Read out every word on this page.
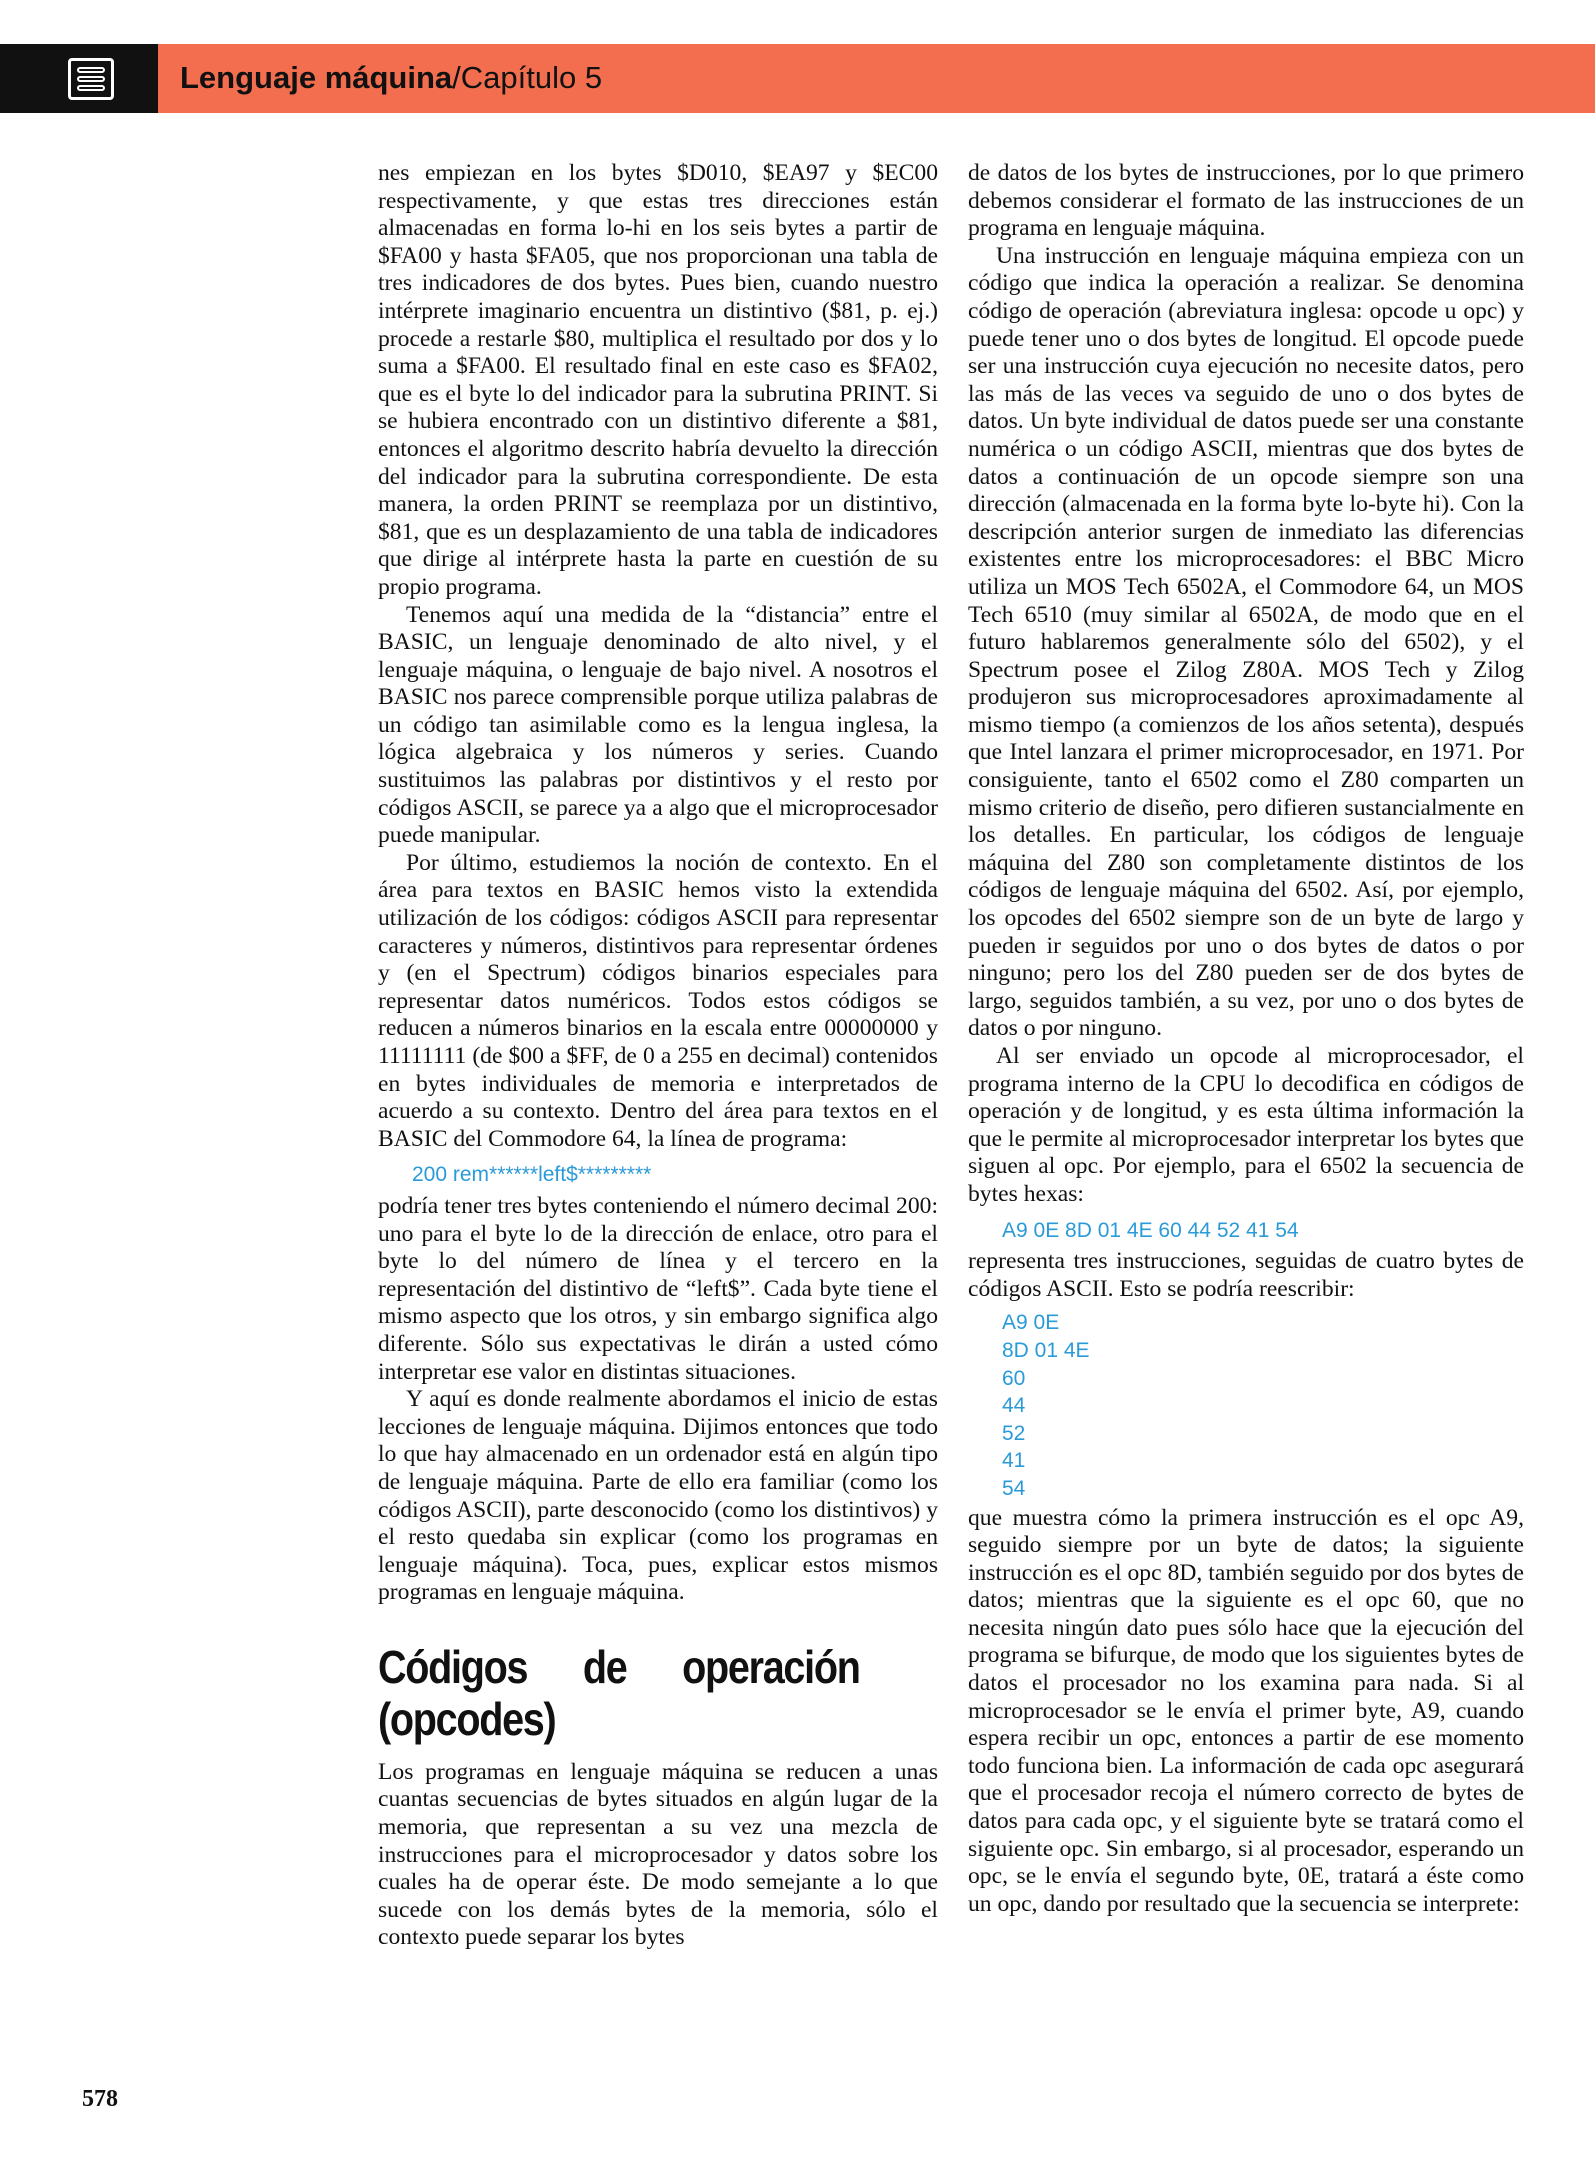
Lenguaje máquina/Capítulo 5

nes empiezan en los bytes $D010, $EA97 y $EC00 respectivamente, y que estas tres direcciones están almacenadas en forma lo-hi en los seis bytes a partir de $FA00 y hasta $FA05, que nos proporcionan una tabla de tres indicadores de dos bytes. Pues bien, cuando nuestro intérprete imaginario encuentra un distintivo ($81, p. ej.) procede a restarle $80, multiplica el resultado por dos y lo suma a $FA00. El resultado final en este caso es $FA02, que es el byte lo del indicador para la subrutina PRINT. Si se hubiera encontrado con un distintivo diferente a $81, entonces el algoritmo descrito habría devuelto la dirección del indicador para la subrutina correspondiente. De esta manera, la orden PRINT se reemplaza por un distintivo, $81, que es un desplazamiento de una tabla de indicadores que dirige al intérprete hasta la parte en cuestión de su propio programa.

Tenemos aquí una medida de la “distancia” entre el BASIC, un lenguaje denominado de alto nivel, y el lenguaje máquina, o lenguaje de bajo nivel. A nosotros el BASIC nos parece comprensible porque utiliza palabras de un código tan asimilable como es la lengua inglesa, la lógica algebraica y los números y series. Cuando sustituimos las palabras por distintivos y el resto por códigos ASCII, se parece ya a algo que el microprocesador puede manipular.

Por último, estudiemos la noción de contexto. En el área para textos en BASIC hemos visto la extendida utilización de los códigos: códigos ASCII para representar caracteres y números, distintivos para representar órdenes y (en el Spectrum) códigos binarios especiales para representar datos numéricos. Todos estos códigos se reducen a números binarios en la escala entre 00000000 y 11111111 (de $00 a $FF, de 0 a 255 en decimal) contenidos en bytes individuales de memoria e interpretados de acuerdo a su contexto. Dentro del área para textos en el BASIC del Commodore 64, la línea de programa:

200 rem******left$*********

podría tener tres bytes conteniendo el número decimal 200: uno para el byte lo de la dirección de enlace, otro para el byte lo del número de línea y el tercero en la representación del distintivo de “left$”. Cada byte tiene el mismo aspecto que los otros, y sin embargo significa algo diferente. Sólo sus expectativas le dirán a usted cómo interpretar ese valor en distintas situaciones.

Y aquí es donde realmente abordamos el inicio de estas lecciones de lenguaje máquina. Dijimos entonces que todo lo que hay almacenado en un ordenador está en algún tipo de lenguaje máquina. Parte de ello era familiar (como los códigos ASCII), parte desconocido (como los distintivos) y el resto quedaba sin explicar (como los programas en lenguaje máquina). Toca, pues, explicar estos mismos programas en lenguaje máquina.

Códigos de operación (opcodes)

Los programas en lenguaje máquina se reducen a unas cuantas secuencias de bytes situados en algún lugar de la memoria, que representan a su vez una mezcla de instrucciones para el microprocesador y datos sobre los cuales ha de operar éste. De modo semejante a lo que sucede con los demás bytes de la memoria, sólo el contexto puede separar los bytes

de datos de los bytes de instrucciones, por lo que primero debemos considerar el formato de las instrucciones de un programa en lenguaje máquina.

Una instrucción en lenguaje máquina empieza con un código que indica la operación a realizar. Se denomina código de operación (abreviatura inglesa: opcode u opc) y puede tener uno o dos bytes de longitud. El opcode puede ser una instrucción cuya ejecución no necesite datos, pero las más de las veces va seguido de uno o dos bytes de datos. Un byte individual de datos puede ser una constante numérica o un código ASCII, mientras que dos bytes de datos a continuación de un opcode siempre son una dirección (almacenada en la forma byte lo-byte hi). Con la descripción anterior surgen de inmediato las diferencias existentes entre los microprocesadores: el BBC Micro utiliza un MOS Tech 6502A, el Commodore 64, un MOS Tech 6510 (muy similar al 6502A, de modo que en el futuro hablaremos generalmente sólo del 6502), y el Spectrum posee el Zilog Z80A. MOS Tech y Zilog produjeron sus microprocesadores aproximadamente al mismo tiempo (a comienzos de los años setenta), después que Intel lanzara el primer microprocesador, en 1971. Por consiguiente, tanto el 6502 como el Z80 comparten un mismo criterio de diseño, pero difieren sustancialmente en los detalles. En particular, los códigos de lenguaje máquina del Z80 son completamente distintos de los códigos de lenguaje máquina del 6502. Así, por ejemplo, los opcodes del 6502 siempre son de un byte de largo y pueden ir seguidos por uno o dos bytes de datos o por ninguno; pero los del Z80 pueden ser de dos bytes de largo, seguidos también, a su vez, por uno o dos bytes de datos o por ninguno.

Al ser enviado un opcode al microprocesador, el programa interno de la CPU lo decodifica en códigos de operación y de longitud, y es esta última información la que le permite al microprocesador interpretar los bytes que siguen al opc. Por ejemplo, para el 6502 la secuencia de bytes hexas:

A9 0E 8D 01 4E 60 44 52 41 54

representa tres instrucciones, seguidas de cuatro bytes de códigos ASCII. Esto se podría reescribir:

A9 0E
8D 01 4E
60
44
52
41
54

que muestra cómo la primera instrucción es el opc A9, seguido siempre por un byte de datos; la siguiente instrucción es el opc 8D, también seguido por dos bytes de datos; mientras que la siguiente es el opc 60, que no necesita ningún dato pues sólo hace que la ejecución del programa se bifurque, de modo que los siguientes bytes de datos el procesador no los examina para nada. Si al microprocesador se le envía el primer byte, A9, cuando espera recibir un opc, entonces a partir de ese momento todo funciona bien. La información de cada opc asegurará que el procesador recoja el número correcto de bytes de datos para cada opc, y el siguiente byte se tratará como el siguiente opc. Sin embargo, si al procesador, esperando un opc, se le envía el segundo byte, 0E, tratará a éste como un opc, dando por resultado que la secuencia se interprete:

578
